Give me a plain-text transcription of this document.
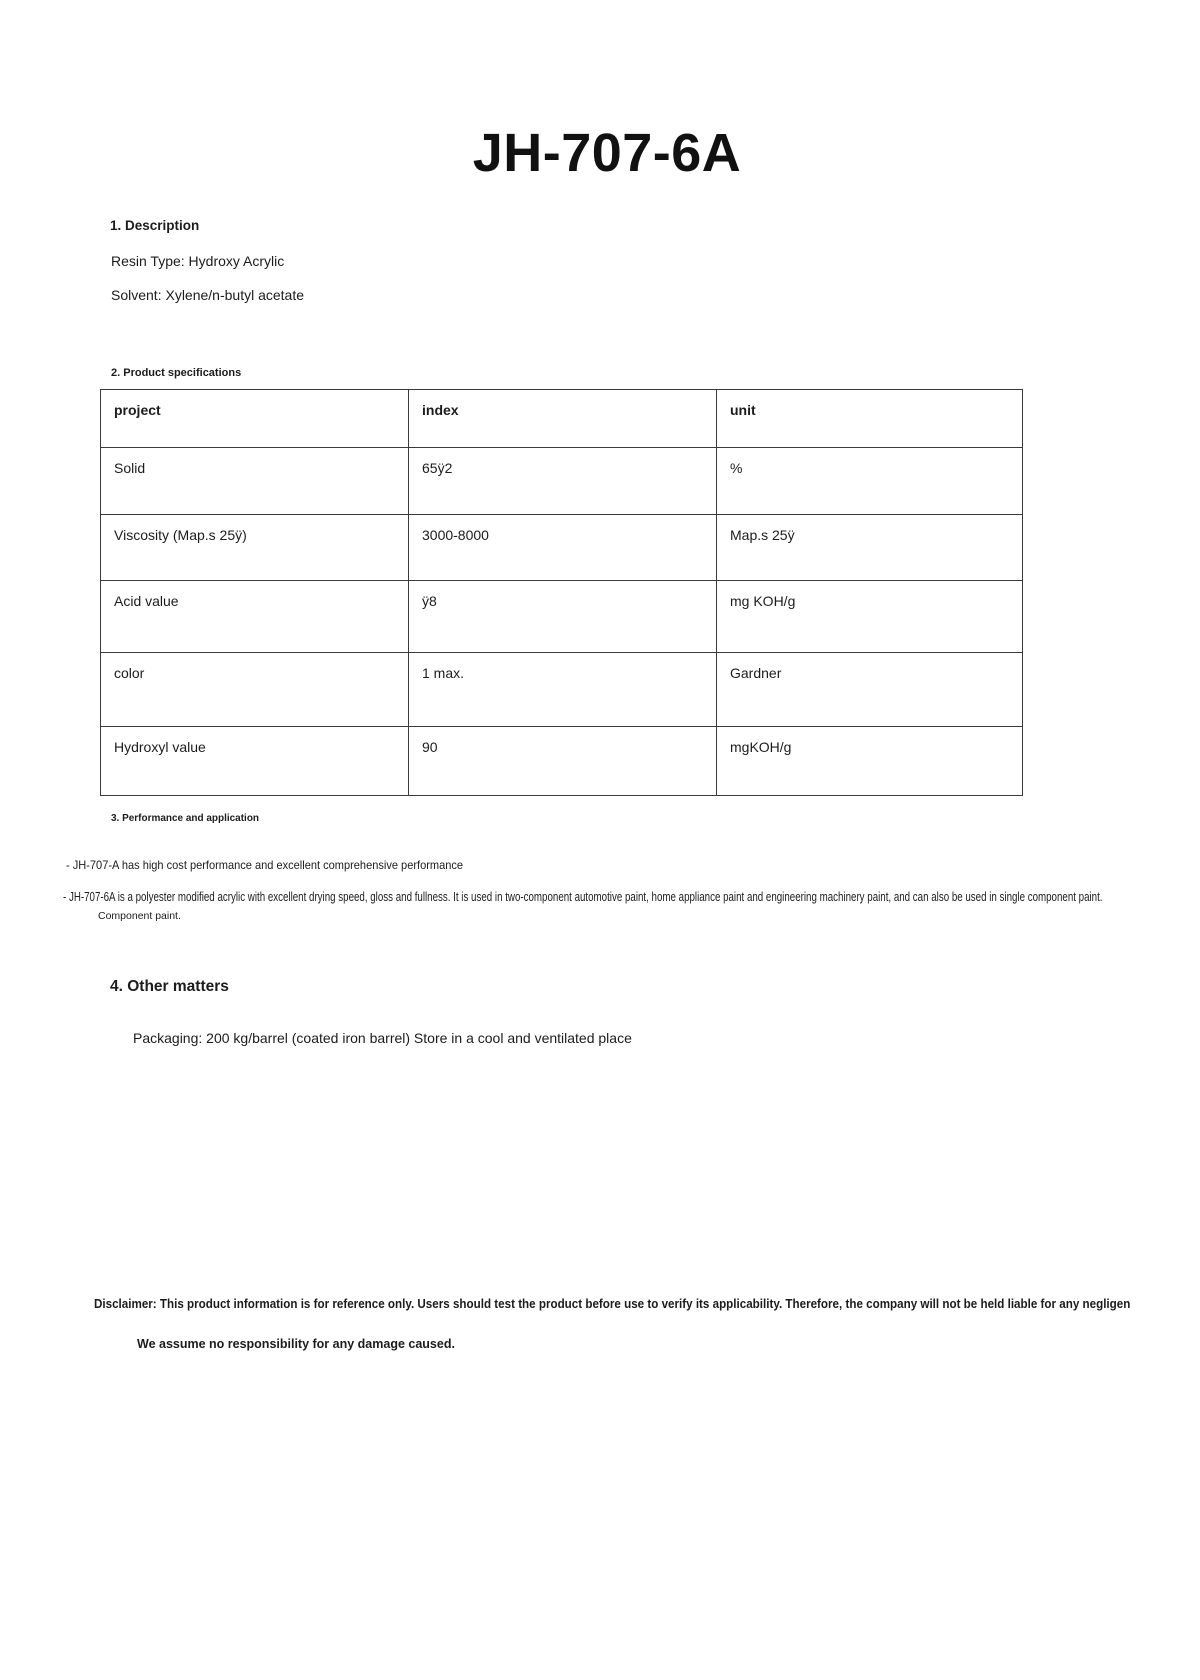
JH-707-6A
1. Description
Resin Type: Hydroxy Acrylic
Solvent: Xylene/n-butyl acetate
2. Product specifications
project	index	unit
Solid	65ÿ2	%
Viscosity (Map.s 25ÿ)	3000-8000	Map.s 25ÿ
Acid value	ÿ8	mg KOH/g
color	1 max.	Gardner
Hydroxyl value	90	mgKOH/g
3. Performance and application
- JH-707-A has high cost performance and excellent comprehensive performance
- JH-707-6A is a polyester modified acrylic with excellent drying speed, gloss and fullness. It is used in two-component automotive paint, home appliance paint and engineering machinery paint, and can also be used in single component paint.
Component paint.
4. Other matters
Packaging: 200 kg/barrel (coated iron barrel) Store in a cool and ventilated place
Disclaimer: This product information is for reference only. Users should test the product before use to verify its applicability. Therefore, the company will not be held liable for any negligen
We assume no responsibility for any damage caused.
